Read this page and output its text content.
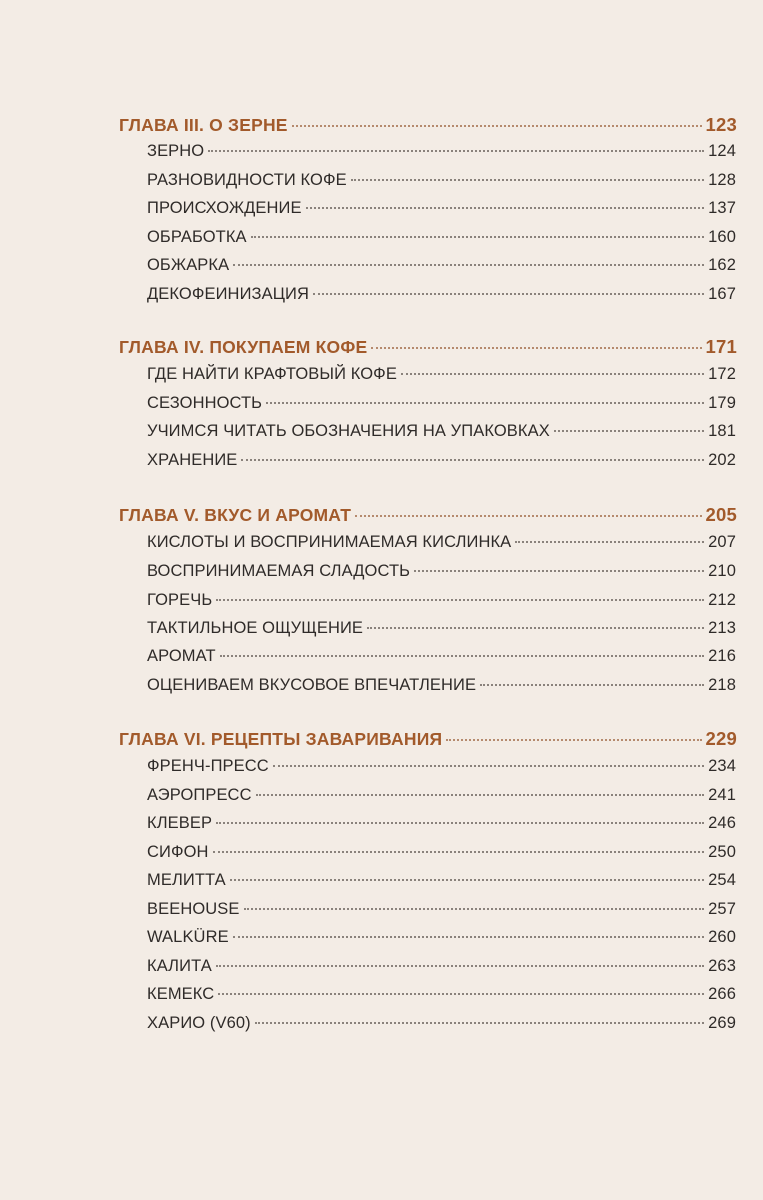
ГЛАВА III. О ЗЕРНЕ	123
ЗЕРНО	124
РАЗНОВИДНОСТИ КОФЕ	128
ПРОИСХОЖДЕНИЕ	137
ОБРАБОТКА	160
ОБЖАРКА	162
ДЕКОФЕИНИЗАЦИЯ	167
ГЛАВА IV. ПОКУПАЕМ КОФЕ	171
ГДЕ НАЙТИ КРАФТОВЫЙ КОФЕ	172
СЕЗОННОСТЬ	179
УЧИМСЯ ЧИТАТЬ ОБОЗНАЧЕНИЯ НА УПАКОВКАХ	181
ХРАНЕНИЕ	202
ГЛАВА V. ВКУС И АРОМАТ	205
КИСЛОТЫ И ВОСПРИНИМАЕМАЯ КИСЛИНКА	207
ВОСПРИНИМАЕМАЯ СЛАДОСТЬ	210
ГОРЕЧЬ	212
ТАКТИЛЬНОЕ ОЩУЩЕНИЕ	213
АРОМАТ	216
ОЦЕНИВАЕМ ВКУСОВОЕ ВПЕЧАТЛЕНИЕ	218
ГЛАВА VI. РЕЦЕПТЫ ЗАВАРИВАНИЯ	229
ФРЕНЧ-ПРЕСС	234
АЭРОПРЕСС	241
КЛЕВЕР	246
СИФОН	250
МЕЛИТТА	254
BEEHOUSE	257
WALKÜRE	260
КАЛИТА	263
КЕМЕКС	266
ХАРИО (V60)	269
